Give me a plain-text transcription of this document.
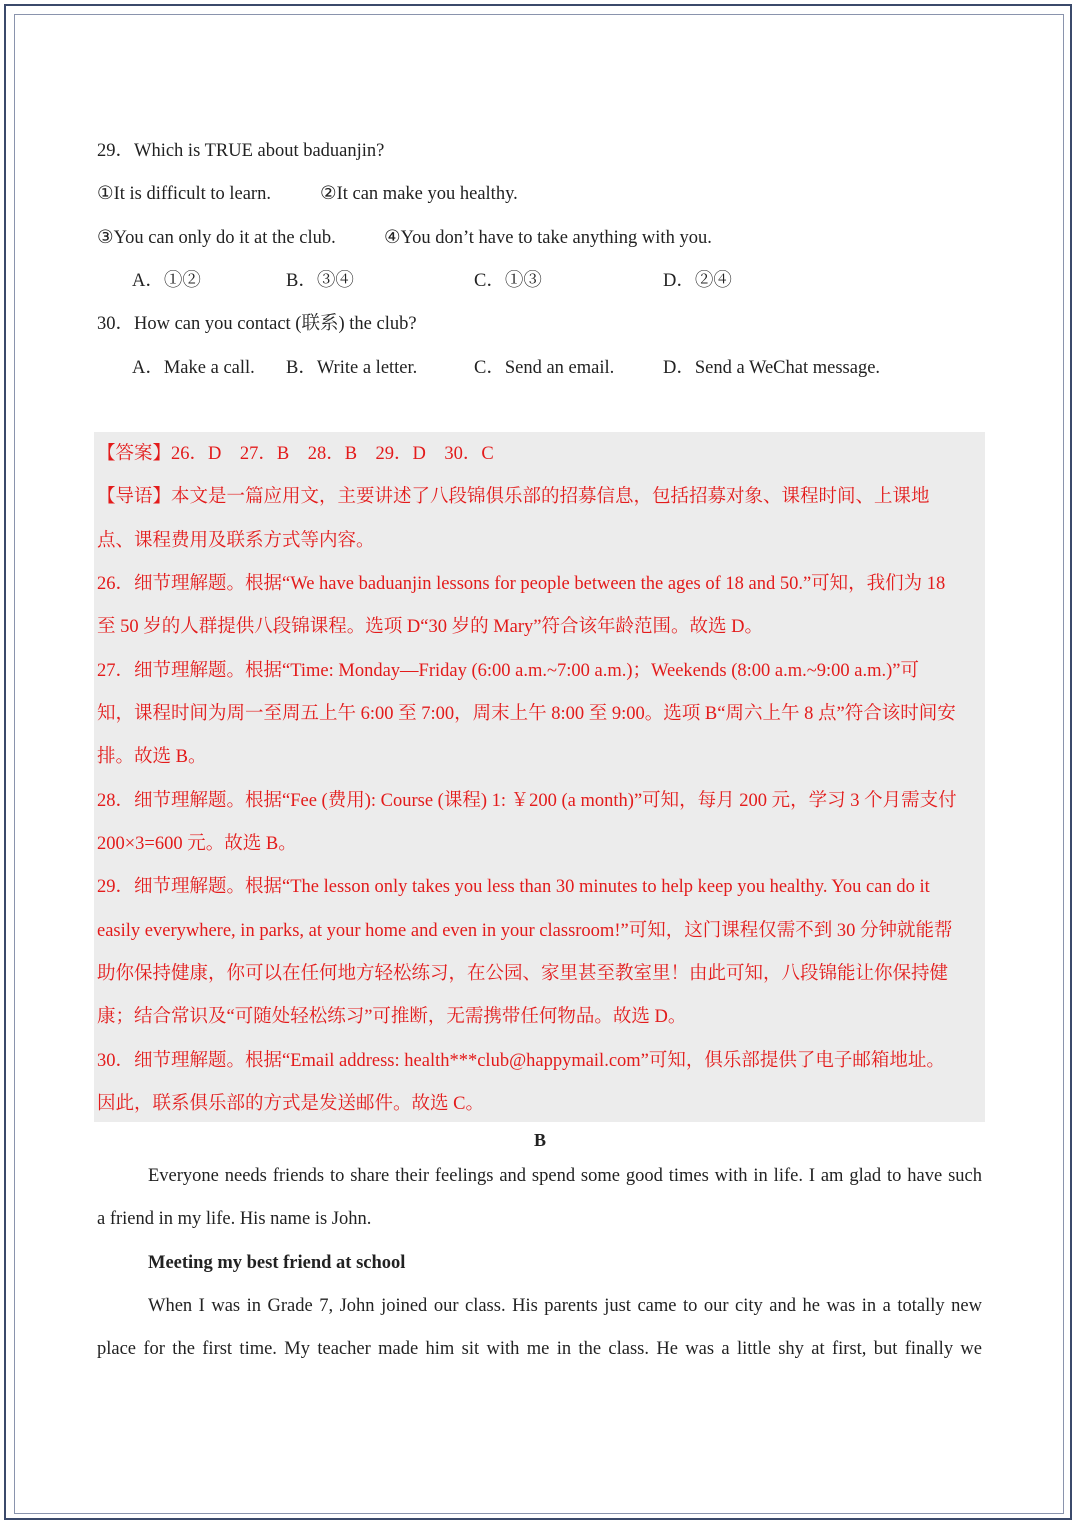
29．Which is TRUE about baduanjin?
①It is difficult to learn.	②It can make you healthy.
③You can only do it at the club.	④You don’t have to take anything with you.
A．①②	B．③④	C．①③	D．②④
30．How can you contact (联系) the club?
A．Make a call. B．Write a letter.	C．Send an email.	D．Send a WeChat message.
【答案】26．D　27．B　28．B　29．D　30．C
【导语】本文是一篇应用文，主要讲述了八段锦俱乐部的招募信息，包括招募对象、课程时间、上课地
点、课程费用及联系方式等内容。
26．细节理解题。根据“We have baduanjin lessons for people between the ages of 18 and 50.”可知，我们为 18
至 50 岁的人群提供八段锦课程。选项 D“30 岁的 Mary”符合该年龄范围。故选 D。
27．细节理解题。根据“Time: Monday—Friday (6:00 a.m.~7:00 a.m.)；Weekends (8:00 a.m.~9:00 a.m.)”可
知，课程时间为周一至周五上午 6:00 至 7:00，周末上午 8:00 至 9:00。选项 B“周六上午 8 点”符合该时间安
排。故选 B。
28．细节理解题。根据“Fee (费用): Course (课程) 1: ￥200 (a month)”可知，每月 200 元，学习 3 个月需支付
200×3=600 元。故选 B。
29．细节理解题。根据“The lesson only takes you less than 30 minutes to help keep you healthy. You can do it
easily everywhere, in parks, at your home and even in your classroom!”可知，这门课程仅需不到 30 分钟就能帮
助你保持健康，你可以在任何地方轻松练习，在公园、家里甚至教室里！由此可知，八段锦能让你保持健
康；结合常识及“可随处轻松练习”可推断，无需携带任何物品。故选 D。
30．细节理解题。根据“Email address: health***club@happymail.com”可知，俱乐部提供了电子邮箱地址。
因此，联系俱乐部的方式是发送邮件。故选 C。
B
Everyone needs friends to share their feelings and spend some good times with in life. I am glad to have such
a friend in my life. His name is John.
Meeting my best friend at school
When I was in Grade 7, John joined our class. His parents just came to our city and he was in a totally new
place for the first time. My teacher made him sit with me in the class. He was a little shy at first, but finally we
